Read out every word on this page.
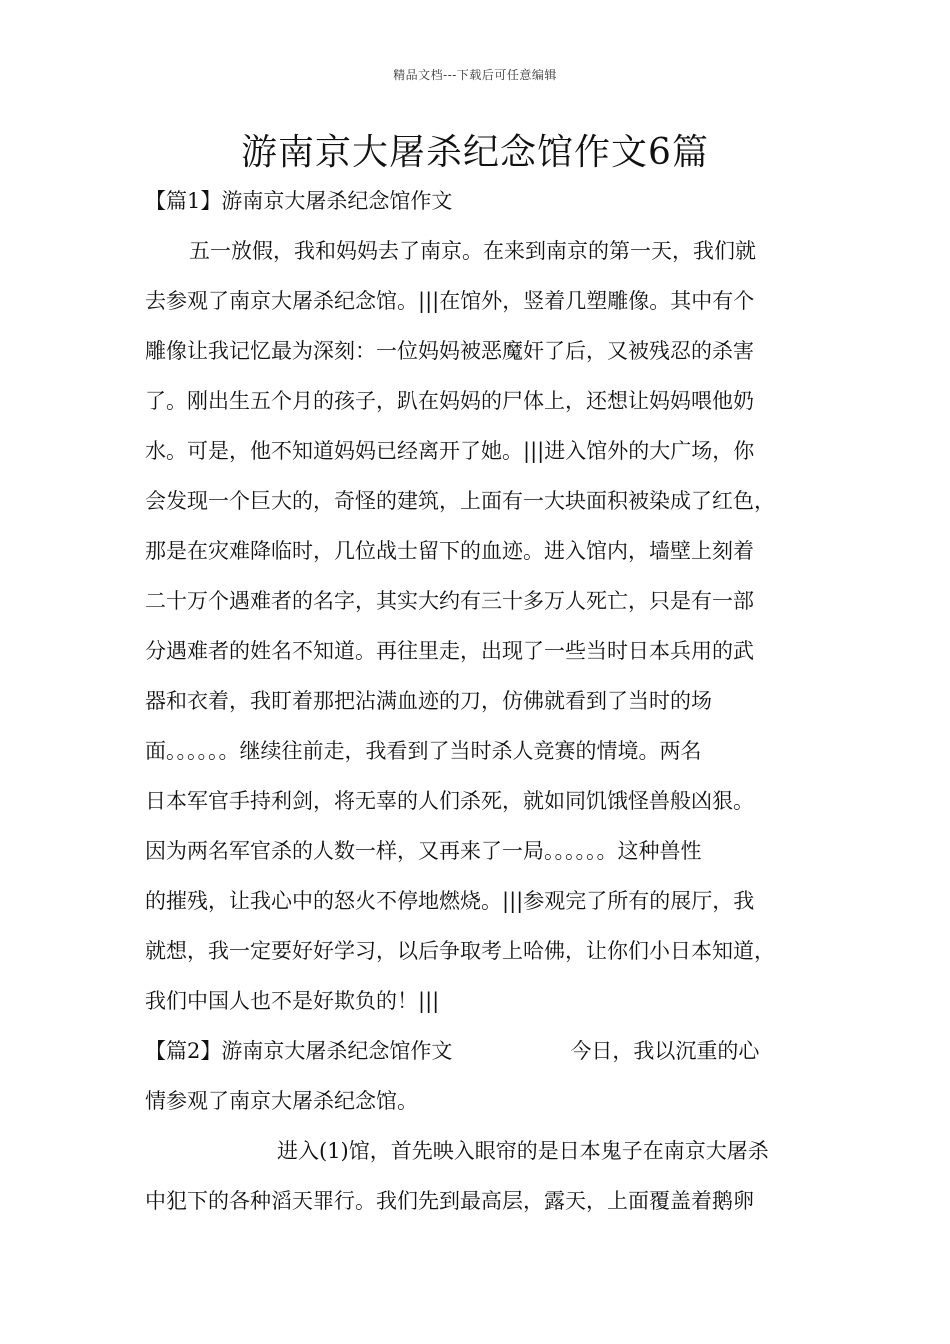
精品文档---下载后可任意编辑
游南京大屠杀纪念馆作文6篇
【篇1】游南京大屠杀纪念馆作文
五一放假，我和妈妈去了南京。在来到南京的第一天，我们就
去参观了南京大屠杀纪念馆。|||在馆外，竖着几塑雕像。其中有个
雕像让我记忆最为深刻：一位妈妈被恶魔奸了后，又被残忍的杀害
了。刚出生五个月的孩子，趴在妈妈的尸体上，还想让妈妈喂他奶
水。可是，他不知道妈妈已经离开了她。|||进入馆外的大广场，你
会发现一个巨大的，奇怪的建筑，上面有一大块面积被染成了红色，
那是在灾难降临时，几位战士留下的血迹。进入馆内，墙壁上刻着
二十万个遇难者的名字，其实大约有三十多万人死亡，只是有一部
分遇难者的姓名不知道。再往里走，出现了一些当时日本兵用的武
器和衣着，我盯着那把沾满血迹的刀，仿佛就看到了当时的场
面。。。。。。继续往前走，我看到了当时杀人竞赛的情境。两名
日本军官手持利剑，将无辜的人们杀死，就如同饥饿怪兽般凶狠。
因为两名军官杀的人数一样，又再来了一局。。。。。。这种兽性
的摧残，让我心中的怒火不停地燃烧。|||参观完了所有的展厅，我
就想，我一定要好好学习，以后争取考上哈佛，让你们小日本知道，
我们中国人也不是好欺负的！|||
【篇2】游南京大屠杀纪念馆作文	今日，我以沉重的心
情参观了南京大屠杀纪念馆。
进入(1)馆，首先映入眼帘的是日本鬼子在南京大屠杀
中犯下的各种滔天罪行。我们先到最高层，露天，上面覆盖着鹅卵
